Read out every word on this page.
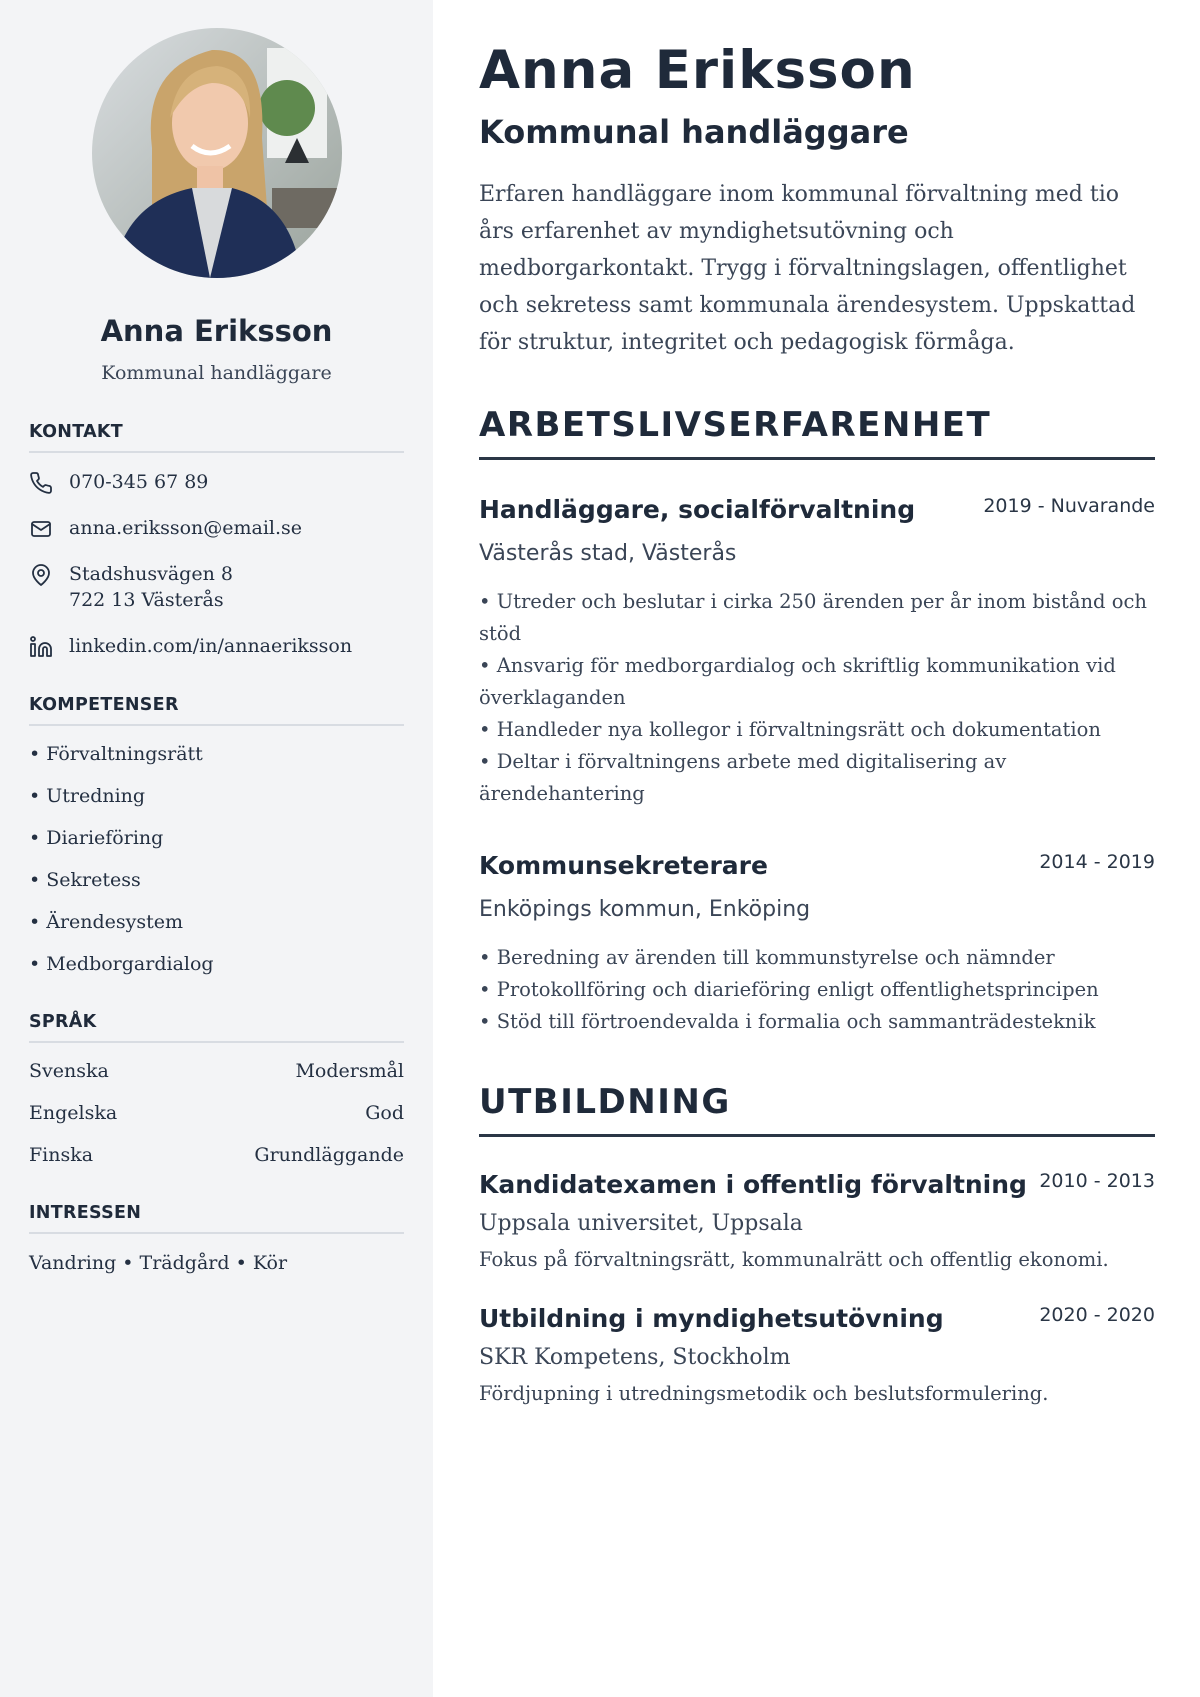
Anna Eriksson
Kommunal handläggare
KONTAKT
070-345 67 89
anna.eriksson@email.se
Stadshusvägen 8
722 13 Västerås
linkedin.com/in/annaeriksson
KOMPETENSER
• Förvaltningsrätt
• Utredning
• Diarieföring
• Sekretess
• Ärendesystem
• Medborgardialog
SPRÅK
Svenska	Modersmål
Engelska	God
Finska	Grundläggande
INTRESSEN
Vandring • Trädgård • Kör
Anna Eriksson
Kommunal handläggare

Erfaren handläggare inom kommunal förvaltning med tio års erfarenhet av myndighetsutövning och medborgarkontakt. Trygg i förvaltningslagen, offentlighet och sekretess samt kommunala ärendesystem. Uppskattad för struktur, integritet och pedagogisk förmåga.

ARBETSLIVSERFARENHET
Handläggare, socialförvaltning	2019 - Nuvarande
Västerås stad, Västerås
• Utreder och beslutar i cirka 250 ärenden per år inom bistånd och stöd
• Ansvarig för medborgardialog och skriftlig kommunikation vid överklaganden
• Handleder nya kollegor i förvaltningsrätt och dokumentation
• Deltar i förvaltningens arbete med digitalisering av ärendehantering
Kommunsekreterare	2014 - 2019
Enköpings kommun, Enköping
• Beredning av ärenden till kommunstyrelse och nämnder
• Protokollföring och diarieföring enligt offentlighetsprincipen
• Stöd till förtroendevalda i formalia och sammanträdesteknik
UTBILDNING
Kandidatexamen i offentlig förvaltning 2010 - 2013
Uppsala universitet, Uppsala
Fokus på förvaltningsrätt, kommunalrätt och offentlig ekonomi.
Utbildning i myndighetsutövning	2020 - 2020
SKR Kompetens, Stockholm
Fördjupning i utredningsmetodik och beslutsformulering.
